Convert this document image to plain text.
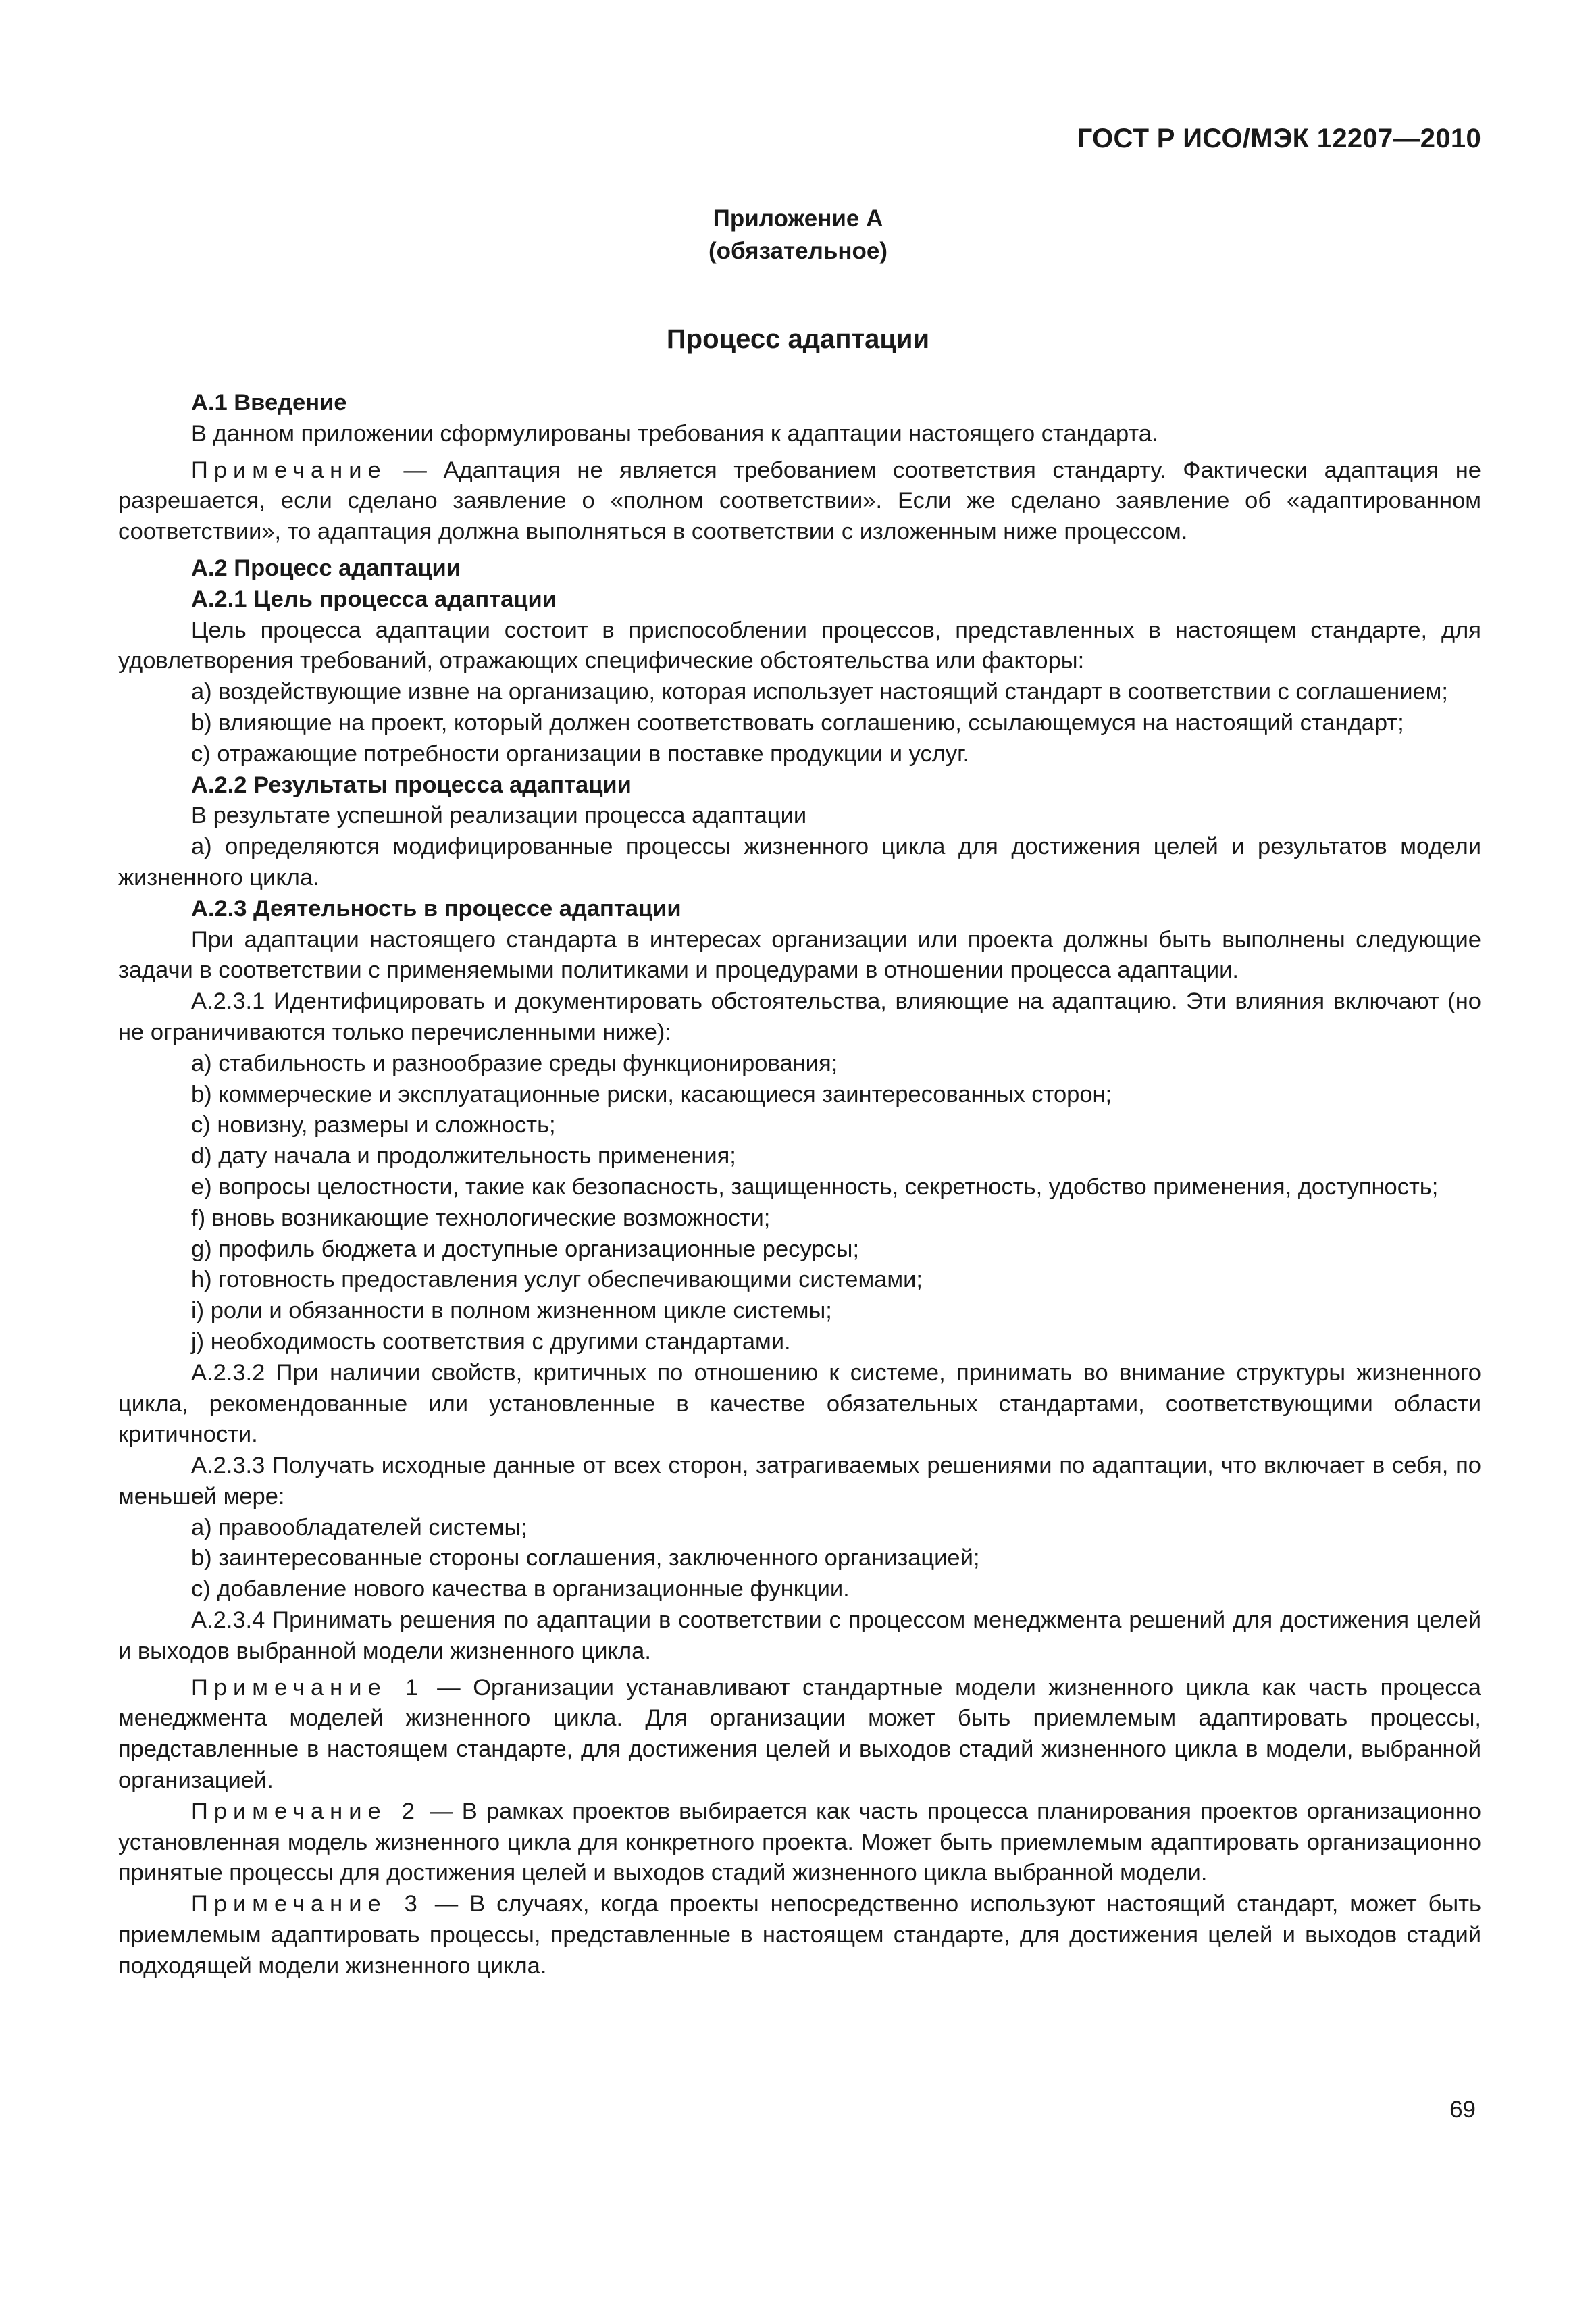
ГОСТ Р ИСО/МЭК 12207—2010
Приложение А
(обязательное)
Процесс адаптации

А.1 Введение

В данном приложении сформулированы требования к адаптации настоящего стандарта.

Примечание — Адаптация не является требованием соответствия стандарту. Фактически адаптация не разрешается, если сделано заявление о «полном соответствии». Если же сделано заявление об «адаптированном соответствии», то адаптация должна выполняться в соответствии с изложенным ниже процессом.

А.2 Процесс адаптации

А.2.1 Цель процесса адаптации

Цель процесса адаптации состоит в приспособлении процессов, представленных в настоящем стандарте, для удовлетворения требований, отражающих специфические обстоятельства или факторы:

a) воздействующие извне на организацию, которая использует настоящий стандарт в соответствии с соглашением;

b) влияющие на проект, который должен соответствовать соглашению, ссылающемуся на настоящий стандарт;

c) отражающие потребности организации в поставке продукции и услуг.

А.2.2 Результаты процесса адаптации

В результате успешной реализации процесса адаптации

a) определяются модифицированные процессы жизненного цикла для достижения целей и результатов модели жизненного цикла.

А.2.3 Деятельность в процессе адаптации

При адаптации настоящего стандарта в интересах организации или проекта должны быть выполнены следующие задачи в соответствии с применяемыми политиками и процедурами в отношении процесса адаптации.

А.2.3.1 Идентифицировать и документировать обстоятельства, влияющие на адаптацию. Эти влияния включают (но не ограничиваются только перечисленными ниже):

a) стабильность и разнообразие среды функционирования;

b) коммерческие и эксплуатационные риски, касающиеся заинтересованных сторон;

c) новизну, размеры и сложность;

d) дату начала и продолжительность применения;

e) вопросы целостности, такие как безопасность, защищенность, секретность, удобство применения, доступность;

f) вновь возникающие технологические возможности;

g) профиль бюджета и доступные организационные ресурсы;

h) готовность предоставления услуг обеспечивающими системами;

i) роли и обязанности в полном жизненном цикле системы;

j) необходимость соответствия с другими стандартами.

А.2.3.2 При наличии свойств, критичных по отношению к системе, принимать во внимание структуры жизненного цикла, рекомендованные или установленные в качестве обязательных стандартами, соответствующими области критичности.

А.2.3.3 Получать исходные данные от всех сторон, затрагиваемых решениями по адаптации, что включает в себя, по меньшей мере:

a) правообладателей системы;

b) заинтересованные стороны соглашения, заключенного организацией;

c) добавление нового качества в организационные функции.

А.2.3.4 Принимать решения по адаптации в соответствии с процессом менеджмента решений для достижения целей и выходов выбранной модели жизненного цикла.

Примечание 1 — Организации устанавливают стандартные модели жизненного цикла как часть процесса менеджмента моделей жизненного цикла. Для организации может быть приемлемым адаптировать процессы, представленные в настоящем стандарте, для достижения целей и выходов стадий жизненного цикла в модели, выбранной организацией.

Примечание 2 — В рамках проектов выбирается как часть процесса планирования проектов организационно установленная модель жизненного цикла для конкретного проекта. Может быть приемлемым адаптировать организационно принятые процессы для достижения целей и выходов стадий жизненного цикла выбранной модели.

Примечание 3 — В случаях, когда проекты непосредственно используют настоящий стандарт, может быть приемлемым адаптировать процессы, представленные в настоящем стандарте, для достижения целей и выходов стадий подходящей модели жизненного цикла.

69
